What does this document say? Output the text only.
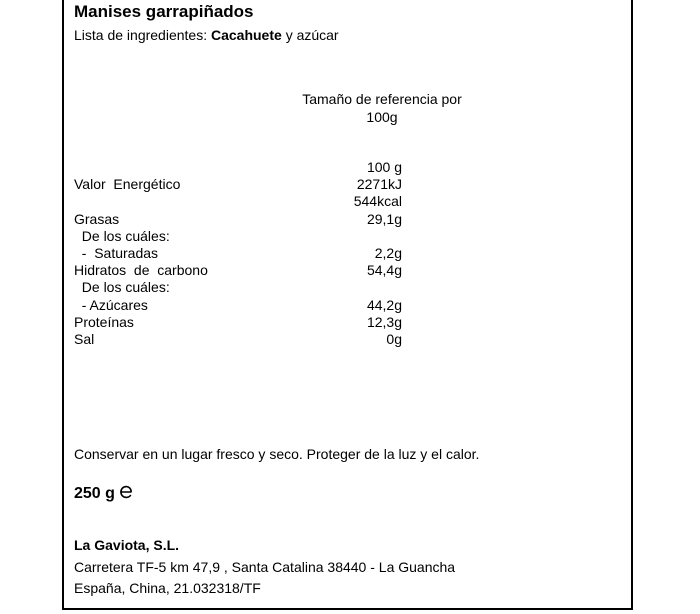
Manises garrapiñados
Lista de ingredientes: Cacahuete y azúcar
Tamaño de referencia por
100g
100 g
Valor  Energético	2271kJ
544kcal
Grasas	29,1g
De los cuáles:
-  Saturadas	2,2g
Hidratos  de  carbono	54,4g
De los cuáles:
- Azúcares	44,2g
Proteínas	12,3g
Sal	0g
Conservar en un lugar fresco y seco. Proteger de la luz y el calor.
250 g
La Gaviota, S.L.
Carretera TF-5 km 47,9 , Santa Catalina 38440 - La Guancha
España, China, 21.032318/TF
